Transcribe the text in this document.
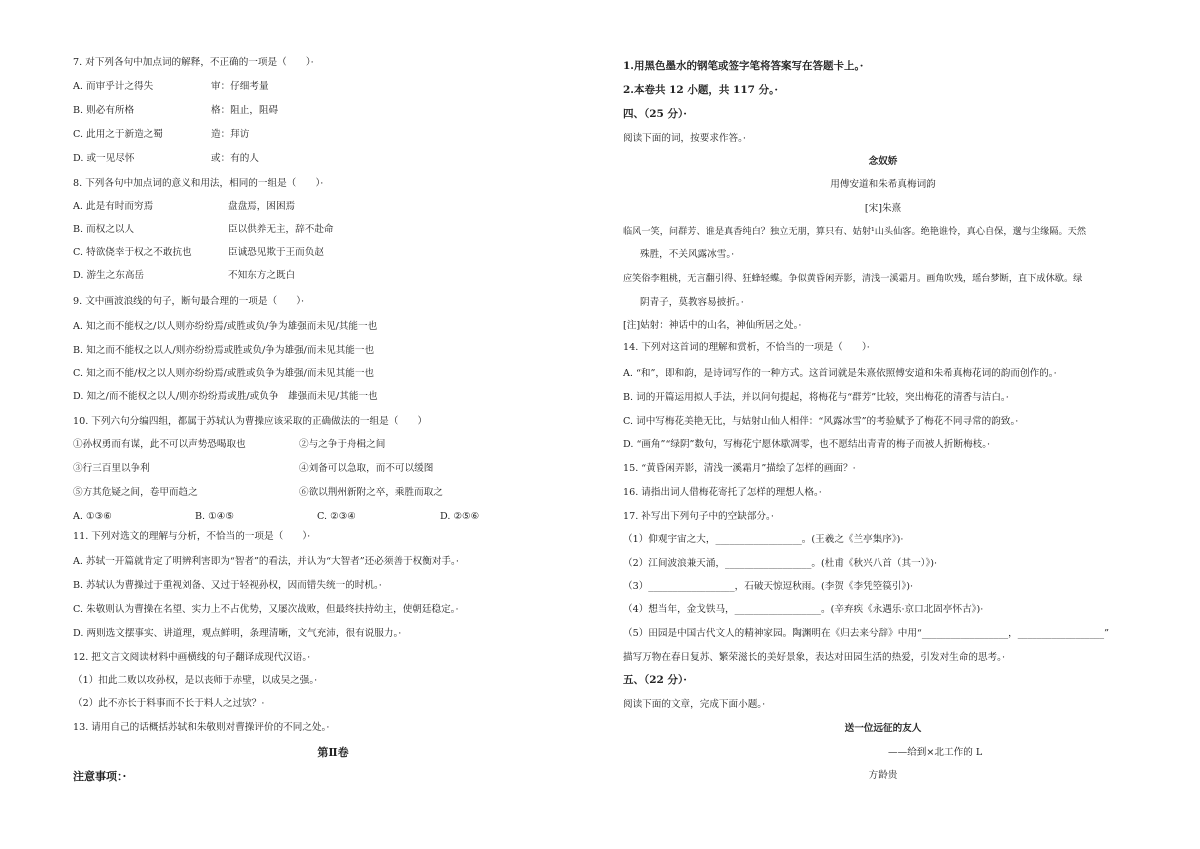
7. 对下列各句中加点词的解释，不正确的一项是（　　）·
A. 而审乎计之得失	审：仔细考量
B. 则必有所格	格：阻止，阻碍
C. 此用之于新造之蜀	造：拜访
D. 或一见尽怀	或：有的人
8. 下列各句中加点词的意义和用法，相同的一组是（　　）·
A. 此是有时而穷焉	盘盘焉，困困焉
B. 而权之以人	臣以供养无主，辞不赴命
C. 特欲侥幸于权之不敢抗也	臣诚恐见欺于王而负赵
D. 游生之东高岳	不知东方之既白
9. 文中画波浪线的句子，断句最合理的一项是（　　）·
A. 知之而不能权之/以人则亦纷纷焉/或胜或负/争为雄强而未见/其能一也
B. 知之而不能权之以人/则亦纷纷焉或胜或负/争为雄强/而未见其能一也
C. 知之而不能/权之以人则亦纷纷焉/或胜或负争为雄强/而未见其能一也
D. 知之/而不能权之以人/则亦纷纷焉或胜/或负争　雄强而未见/其能一也
10. 下列六句分编四组，都属于苏轼认为曹操应该采取的正确做法的一组是（　　）
①孙权勇而有谋，此不可以声势恐喝取也	②与之争于舟楫之间
③行三百里以争利	④刘备可以急取，而不可以缓图
⑤方其危疑之间，卷甲而趋之	⑥欲以荆州新附之卒，乘胜而取之
A. ①③⑥	B. ①④⑤	C. ②③④	D. ②⑤⑥
11. 下列对选文的理解与分析，不恰当的一项是（　　）·
A. 苏轼一开篇就肯定了明辨利害即为“智者”的看法，并认为“大智者”还必须善于权衡对手。·
B. 苏轼认为曹操过于重视刘备、又过于轻视孙权，因而错失统一的时机。·
C. 朱敬则认为曹操在名望、实力上不占优势，又屡次战败，但最终扶持幼主，使朝廷稳定。·
D. 两则选文摆事实、讲道理，观点鲜明，条理清晰，文气充沛，很有说服力。·
12. 把文言文阅读材料中画横线的句子翻译成现代汉语。·
（1）扣此二败以攻孙权，是以丧师于赤壁，以成吴之强。·
（2）此不亦长于料事而不长于料人之过欤？·
13. 请用自己的话概括苏轼和朱敬则对曹操评价的不同之处。·
第Ⅱ卷
注意事项：·
1.用黑色墨水的钢笔或签字笔将答案写在答题卡上。·
2.本卷共 12 小题，共 117 分。·
四、（25 分）·
阅读下面的词，按要求作答。·
念奴娇
用傅安道和朱希真梅词韵
[宋]朱熹
临风一笑，问群芳、谁是真香纯白？独立无朋，算只有、姑射¹山头仙客。绝艳谁怜，真心自保，邈与尘缘隔。天然
殊胜，不关风露冰雪。·
应笑俗李粗桃，无言翻引得、狂蜂轻蝶。争似黄昏闲弄影，清浅一溪霜月。画角吹残，瑶台梦断，直下成休歇。绿
阴青子，莫教容易披折。·
[注]姑射：神话中的山名，神仙所居之处。·
14. 下列对这首词的理解和赏析，不恰当的一项是（　　）·
A. “和”，即和韵，是诗词写作的一种方式。这首词就是朱熹依照傅安道和朱希真梅花词的韵而创作的。·
B. 词的开篇运用拟人手法，并以问句提起，将梅花与“群芳”比较，突出梅花的清香与洁白。·
C. 词中写梅花美艳无比，与姑射山仙人相伴：“风露冰雪”的考验赋予了梅花不同寻常的韵致。·
D. “画角”“绿阴”数句，写梅花宁愿休歇凋零，也不愿结出青青的梅子而被人折断梅枝。·
15. “黄昏闲弄影，清浅一溪霜月”描绘了怎样的画面？·
16. 请指出词人借梅花寄托了怎样的理想人格。·
17. 补写出下列句子中的空缺部分。·
（1）仰观宇宙之大，__________________。(王羲之《兰亭集序》)·
（2）江间波浪兼天涌，__________________。(杜甫《秋兴八首（其一）》)·
（3）__________________，石破天惊逗秋雨。(李贺《李凭箜篌引》)·
（4）想当年，金戈铁马，__________________。(辛弃疾《永遇乐·京口北固亭怀古》)·
（5）田园是中国古代文人的精神家园。陶渊明在《归去来兮辞》中用“__________________，__________________”
描写万物在春日复苏、繁荣滋长的美好景象，表达对田园生活的热爱，引发对生命的思考。·
五、（22 分）·
阅读下面的文章，完成下面小题。·
送一位远征的友人
——给到×北工作的 L
方龄贵
